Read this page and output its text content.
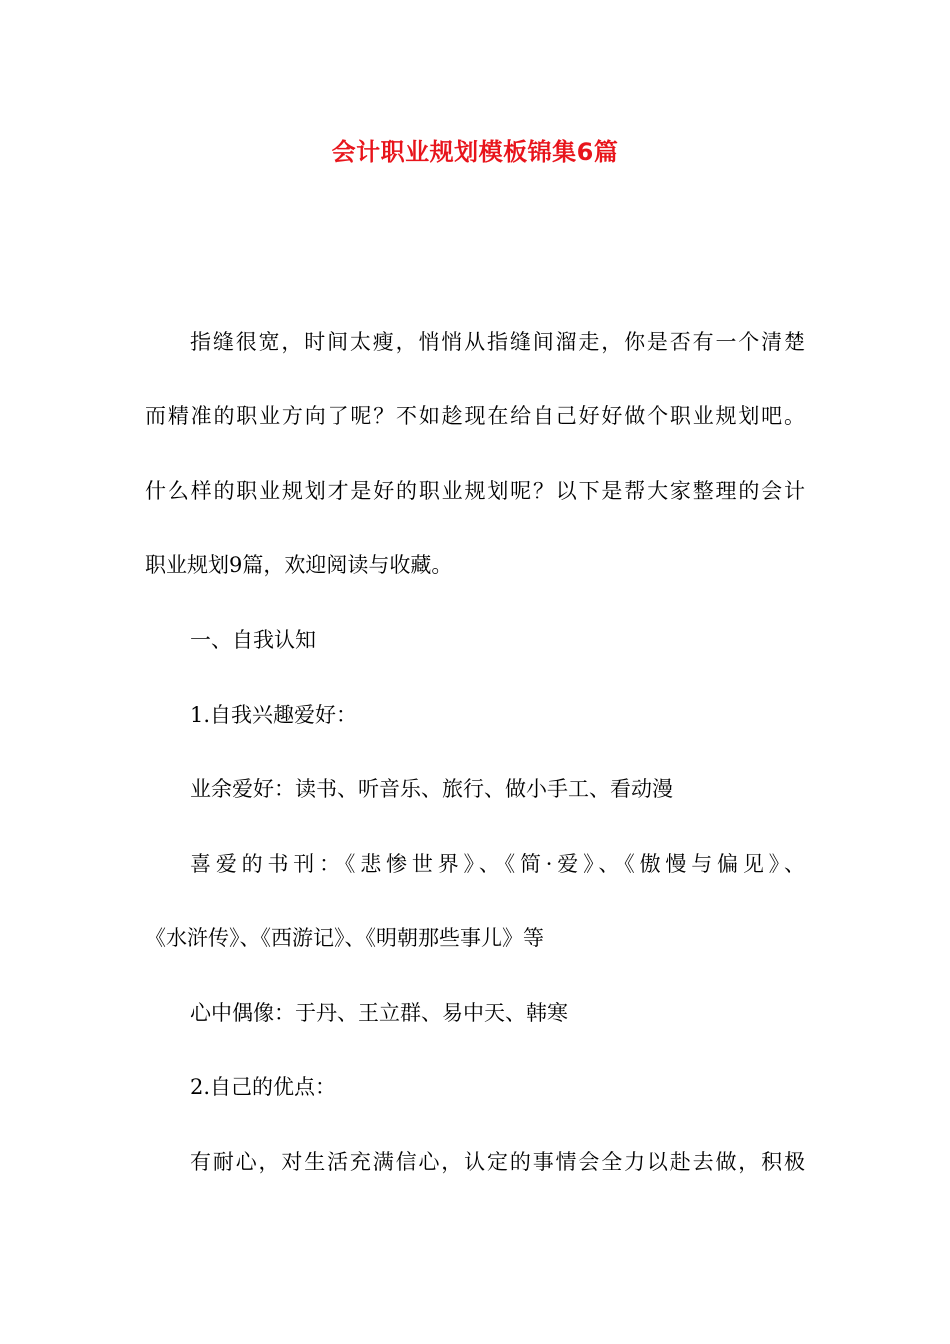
会计职业规划模板锦集6篇
指缝很宽，时间太瘦，悄悄从指缝间溜走，你是否有一个清楚
而精准的职业方向了呢？不如趁现在给自己好好做个职业规划吧。
什么样的职业规划才是好的职业规划呢？以下是帮大家整理的会计
职业规划9篇，欢迎阅读与收藏。
一、自我认知
1.自我兴趣爱好：
业余爱好：读书、听音乐、旅行、做小手工、看动漫
喜爱的书刊：《悲惨世界》、《简·爱》、《傲慢与偏见》、
《水浒传》、《西游记》、《明朝那些事儿》等
心中偶像：于丹、王立群、易中天、韩寒
2.自己的优点：
有耐心，对生活充满信心，认定的事情会全力以赴去做，积极
